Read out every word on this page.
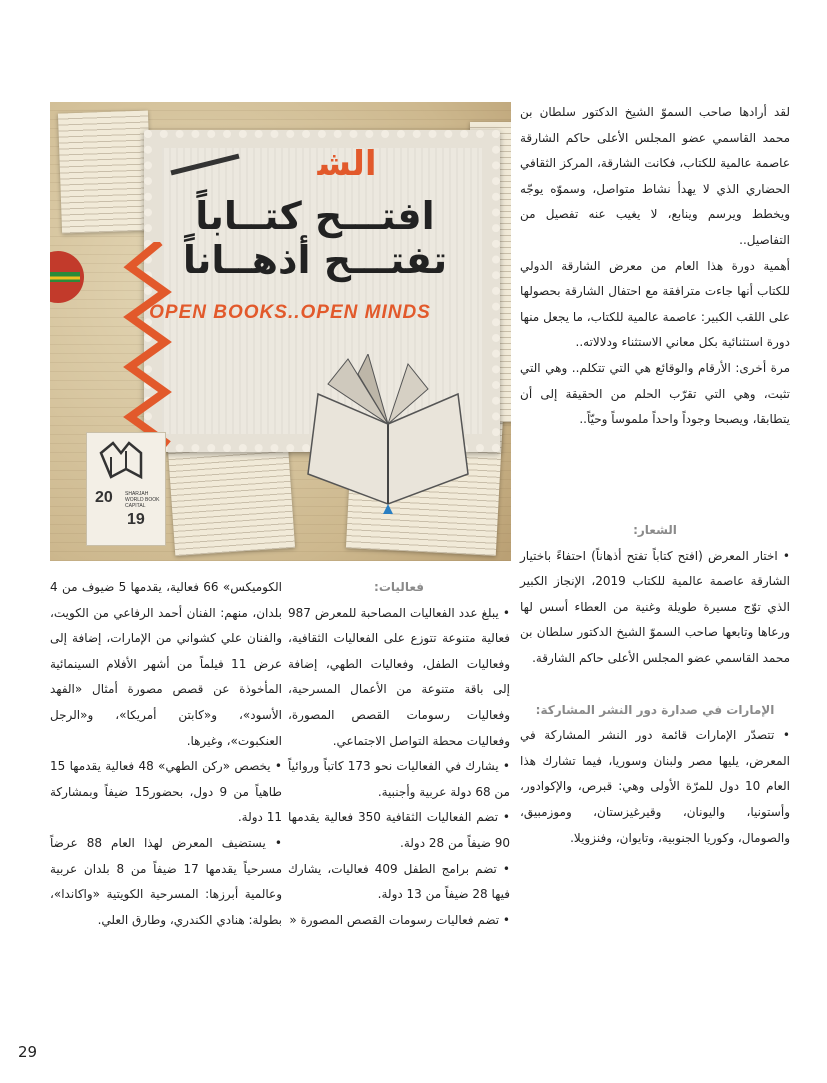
ﺍﻟﺸ
افتـــح كتــاباً
تفتـــح أذهــاناً
OPEN BOOKS..OPEN MINDS
20
19
SHARJAH WORLD BOOK CAPITAL

لقد أرادها صاحب السموّ الشيخ الدكتور سلطان بن محمد القاسمي عضو المجلس الأعلى حاكم الشارقة عاصمة عالمية للكتاب، فكانت الشارقة، المركز الثقافي الحضاري الذي لا يهدأ نشاط متواصل، وسموّه يوجّه ويخطط ويرسم وينابع، لا يغيب عنه تفصيل من التفاصيل..

أهمية دورة هذا العام من معرض الشارقة الدولي للكتاب أنها جاءت مترافقة مع احتفال الشارقة بحصولها على اللقب الكبير: عاصمة عالمية للكتاب، ما يجعل منها دورة استثنائية بكل معاني الاستثناء ودلالاته..

مرة أخرى: الأرقام والوقائع هي التي تتكلم.. وهي التي تثبت، وهي التي تقرّب الحلم من الحقيقة إلى أن يتطابقا، ويصبحا وجوداً واحداً ملموساً وحيّاً..

الشعار:

• اختار المعرض (افتح كتاباً تفتح أذهاناً) احتفاءً باختيار الشارقة عاصمة عالمية للكتاب 2019، الإنجاز الكبير الذي توّج مسيرة طويلة وغنية من العطاء أسس لها ورعاها وتابعها صاحب السموّ الشيخ الدكتور سلطان بن محمد القاسمي عضو المجلس الأعلى حاكم الشارقة.

الإمارات في صدارة دور النشر المشاركة:

• تتصدّر الإمارات قائمة دور النشر المشاركة في المعرض، يليها مصر ولبنان وسوريا، فيما تشارك هذا العام 10 دول للمرّة الأولى وهي: قبرص، والإكوادور، وأستونيا، واليونان، وقيرغيزستان، وموزمبيق، والصومال، وكوريا الجنوبية، وتايوان، وفنزويلا.

فعاليات:

• يبلغ عدد الفعاليات المصاحبة للمعرض 987 فعالية متنوعة تتوزع على الفعاليات الثقافية، وفعاليات الطفل، وفعاليات الطهي، إضافة إلى باقة متنوعة من الأعمال المسرحية، وفعاليات رسومات القصص المصورة، وفعاليات محطة التواصل الاجتماعي.

• يشارك في الفعاليات نحو 173 كاتباً وروائياً من 68 دولة عربية وأجنبية.

• تضم الفعاليات الثقافية 350 فعالية يقدمها 90 ضيفاً من 28 دولة.

• تضم برامج الطفل 409 فعاليات، يشارك فيها 28 ضيفاً من 13 دولة.

• تضم فعاليات رسومات القصص المصورة «

الكوميكس» 66 فعالية، يقدمها 5 ضيوف من 4 بلدان، منهم: الفنان أحمد الرفاعي من الكويت، والفنان علي كشواني من الإمارات، إضافة إلى عرض 11 فيلماً من أشهر الأفلام السينمائية المأخوذة عن قصص مصورة أمثال «الفهد الأسود»، و«كابتن أمريكا»، و«الرجل العنكبوت»، وغيرها.

• يخصص «ركن الطهي» 48 فعالية يقدمها 15 طاهياً من 9 دول، بحضور15 ضيفاً وبمشاركة 11 دولة.

• يستضيف المعرض لهذا العام 88 عرضاً مسرحياً يقدمها 17 ضيفاً من 8 بلدان عربية وعالمية أبرزها: المسرحية الكويتية «واكاندا»، بطولة: هنادي الكندري، وطارق العلي.

29
